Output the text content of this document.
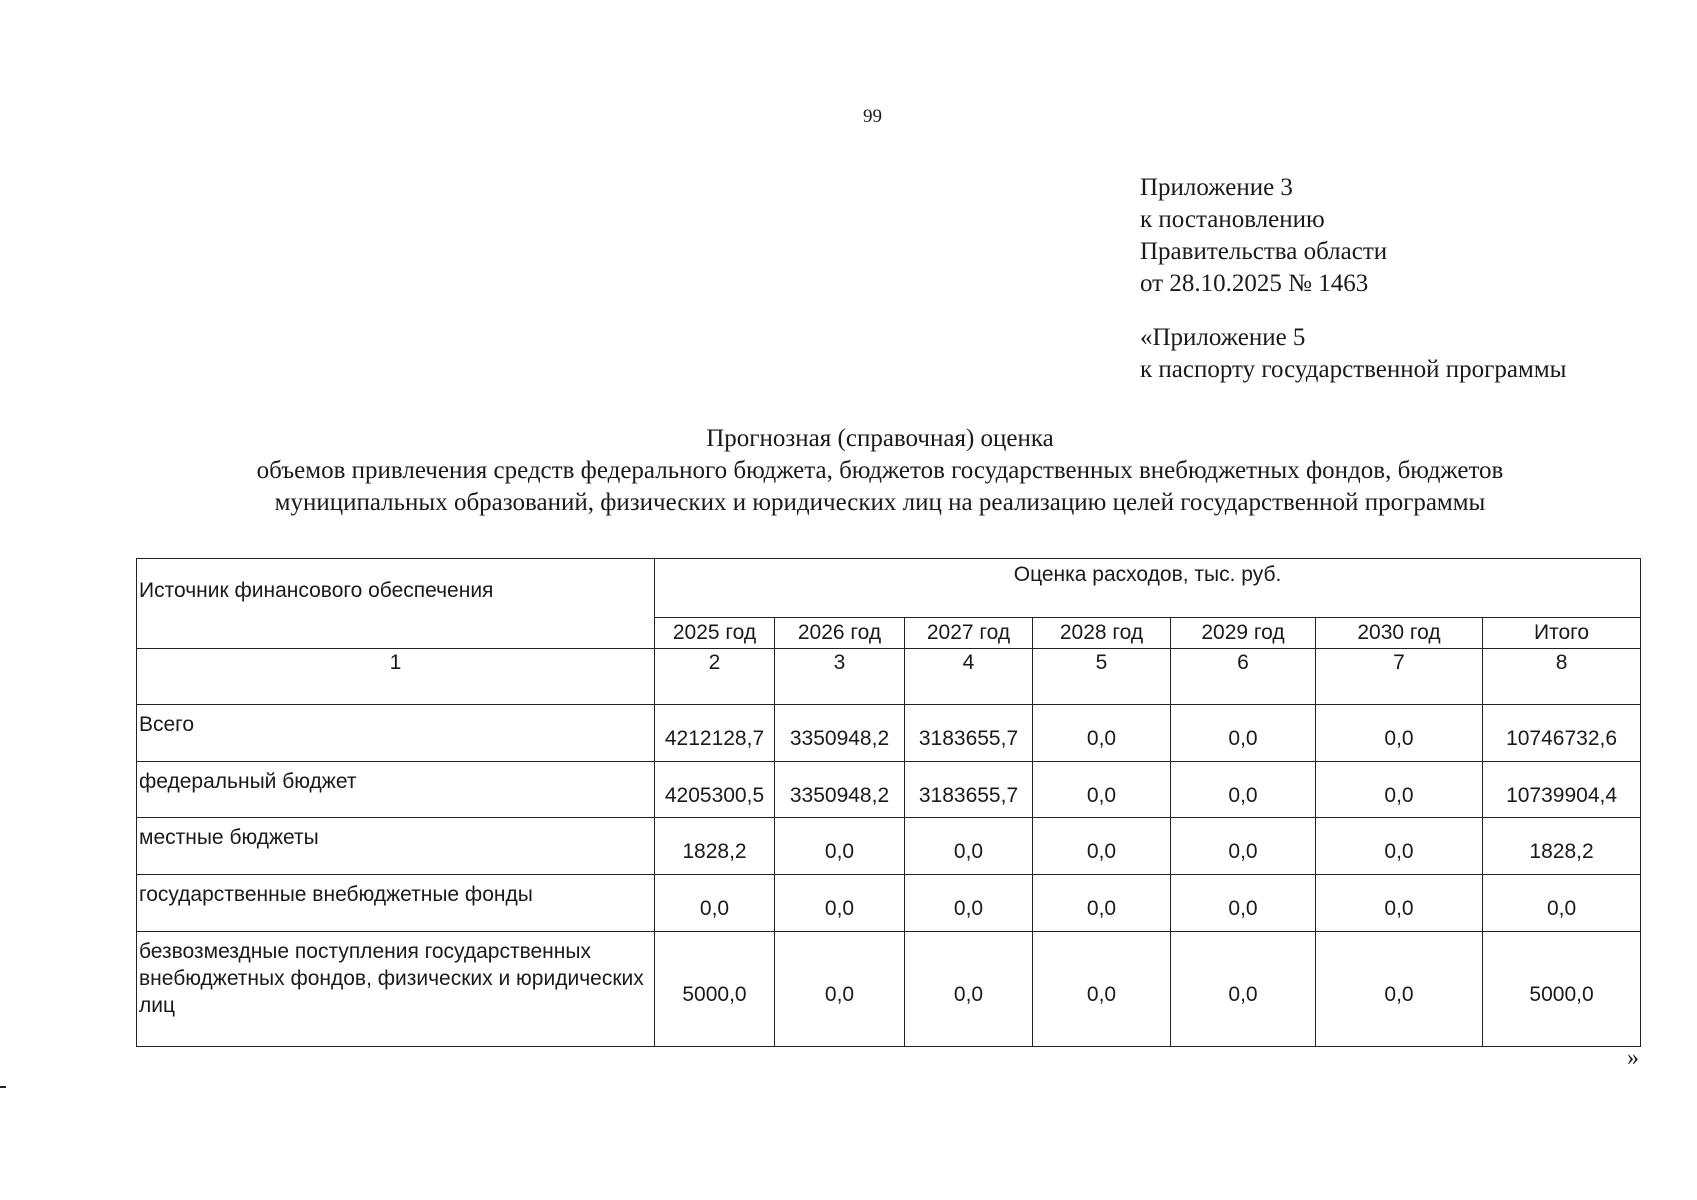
99
Приложение 3
к постановлению
Правительства области
от 28.10.2025 № 1463
«Приложение 5
к паспорту государственной программы
Прогнозная (справочная) оценка
объемов привлечения средств федерального бюджета, бюджетов государственных внебюджетных фондов, бюджетов
муниципальных образований, физических и юридических лиц на реализацию целей государственной программы
Источник финансового обеспечения	Оценка расходов, тыс. руб.						
	2025 год	2026 год	2027 год	2028 год	2029 год	2030 год	Итого
1	2	3	4	5	6	7	8
Всего	4212128,7	3350948,2	3183655,7	0,0	0,0	0,0	10746732,6
федеральный бюджет	4205300,5	3350948,2	3183655,7	0,0	0,0	0,0	10739904,4
местные бюджеты	1828,2	0,0	0,0	0,0	0,0	0,0	1828,2
государственные внебюджетные фонды	0,0	0,0	0,0	0,0	0,0	0,0	0,0
безвозмездные поступления государственных внебюджетных фондов, физических и юридических лиц	5000,0	0,0	0,0	0,0	0,0	0,0	5000,0
»
